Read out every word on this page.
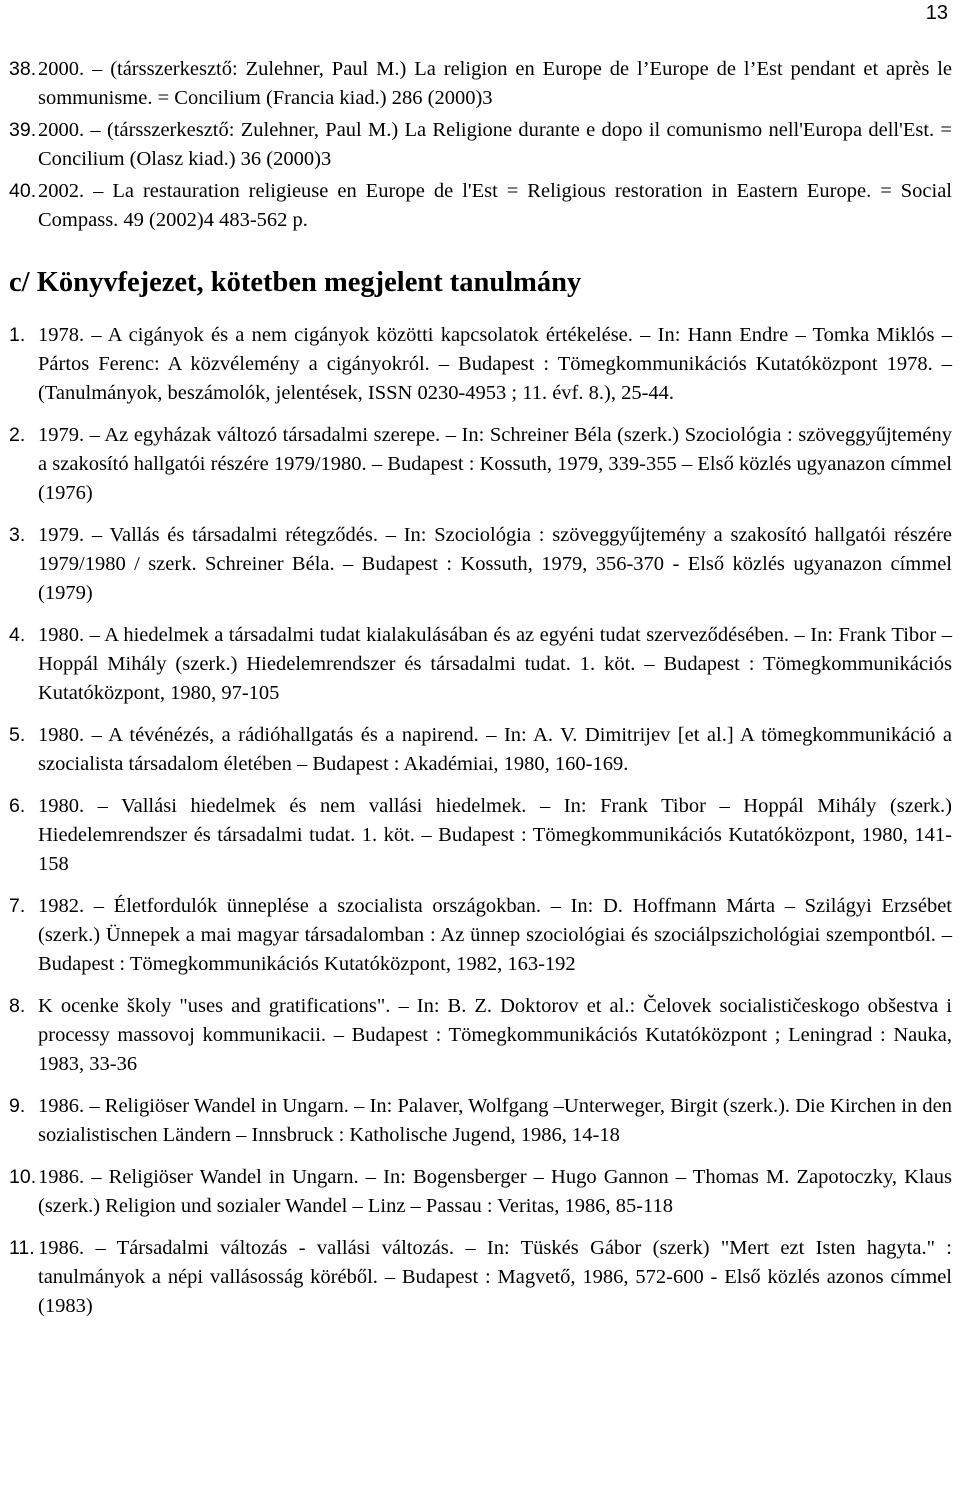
13
38. 2000. – (társszerkesztő: Zulehner, Paul M.) La religion en Europe de l’Europe de l’Est pendant et après le sommunisme. = Concilium (Francia kiad.) 286 (2000)3
39. 2000. – (társszerkesztő: Zulehner, Paul M.) La Religione durante e dopo il comunismo nell'Europa dell'Est. = Concilium (Olasz kiad.) 36 (2000)3
40. 2002. – La restauration religieuse en Europe de l'Est = Religious restoration in Eastern Europe. = Social Compass. 49 (2002)4 483-562 p.
c/ Könyvfejezet, kötetben megjelent tanulmány
1. 1978. – A cigányok és a nem cigányok közötti kapcsolatok értékelése. – In: Hann Endre – Tomka Miklós – Pártos Ferenc: A közvélemény a cigányokról. – Budapest : Tömegkommunikációs Kutatóközpont 1978. – (Tanulmányok, beszámolók, jelentések, ISSN 0230-4953 ; 11. évf. 8.), 25-44.
2. 1979. – Az egyházak változó társadalmi szerepe. – In: Schreiner Béla (szerk.) Szociológia : szöveggyűjtemény a szakosító hallgatói részére 1979/1980. – Budapest : Kossuth, 1979, 339-355 – Első közlés ugyanazon címmel (1976)
3. 1979. – Vallás és társadalmi rétegződés. – In: Szociológia : szöveggyűjtemény a szakosító hallgatói részére 1979/1980 / szerk. Schreiner Béla. – Budapest : Kossuth, 1979, 356-370 - Első közlés ugyanazon címmel (1979)
4. 1980. – A hiedelmek a társadalmi tudat kialakulásában és az egyéni tudat szerveződésében. – In: Frank Tibor – Hoppál Mihály (szerk.) Hiedelemrendszer és társadalmi tudat. 1. köt. – Budapest : Tömegkommunikációs Kutatóközpont, 1980, 97-105
5. 1980. – A tévénézés, a rádióhallgatás és a napirend. – In: A. V. Dimitrijev [et al.] A tömegkommunikáció a szocialista társadalom életében – Budapest : Akadémiai, 1980, 160-169.
6. 1980. – Vallási hiedelmek és nem vallási hiedelmek. – In: Frank Tibor – Hoppál Mihály (szerk.) Hiedelemrendszer és társadalmi tudat. 1. köt. – Budapest : Tömegkommunikációs Kutatóközpont, 1980, 141-158
7. 1982. – Életfordulók ünneplése a szocialista országokban. – In: D. Hoffmann Márta – Szilágyi Erzsébet (szerk.) Ünnepek a mai magyar társadalomban : Az ünnep szociológiai és szociálpszichológiai szempontból. – Budapest : Tömegkommunikációs Kutatóközpont, 1982, 163-192
8. K ocenke školy "uses and gratifications". – In: B. Z. Doktorov et al.: Čelovek socialističeskogo obšestva i processy massovoj kommunikacii. – Budapest : Tömegkommunikációs Kutatóközpont ; Leningrad : Nauka, 1983, 33-36
9. 1986. – Religiöser Wandel in Ungarn. – In: Palaver, Wolfgang –Unterweger, Birgit (szerk.). Die Kirchen in den sozialistischen Ländern – Innsbruck : Katholische Jugend, 1986, 14-18
10. 1986. – Religiöser Wandel in Ungarn. – In: Bogensberger – Hugo Gannon – Thomas M. Zapotoczky, Klaus (szerk.) Religion und sozialer Wandel – Linz – Passau : Veritas, 1986, 85-118
11. 1986. – Társadalmi változás - vallási változás. – In: Tüskés Gábor (szerk) "Mert ezt Isten hagyta." : tanulmányok a népi vallásosság köréből. – Budapest : Magvető, 1986, 572-600 - Első közlés azonos címmel (1983)
